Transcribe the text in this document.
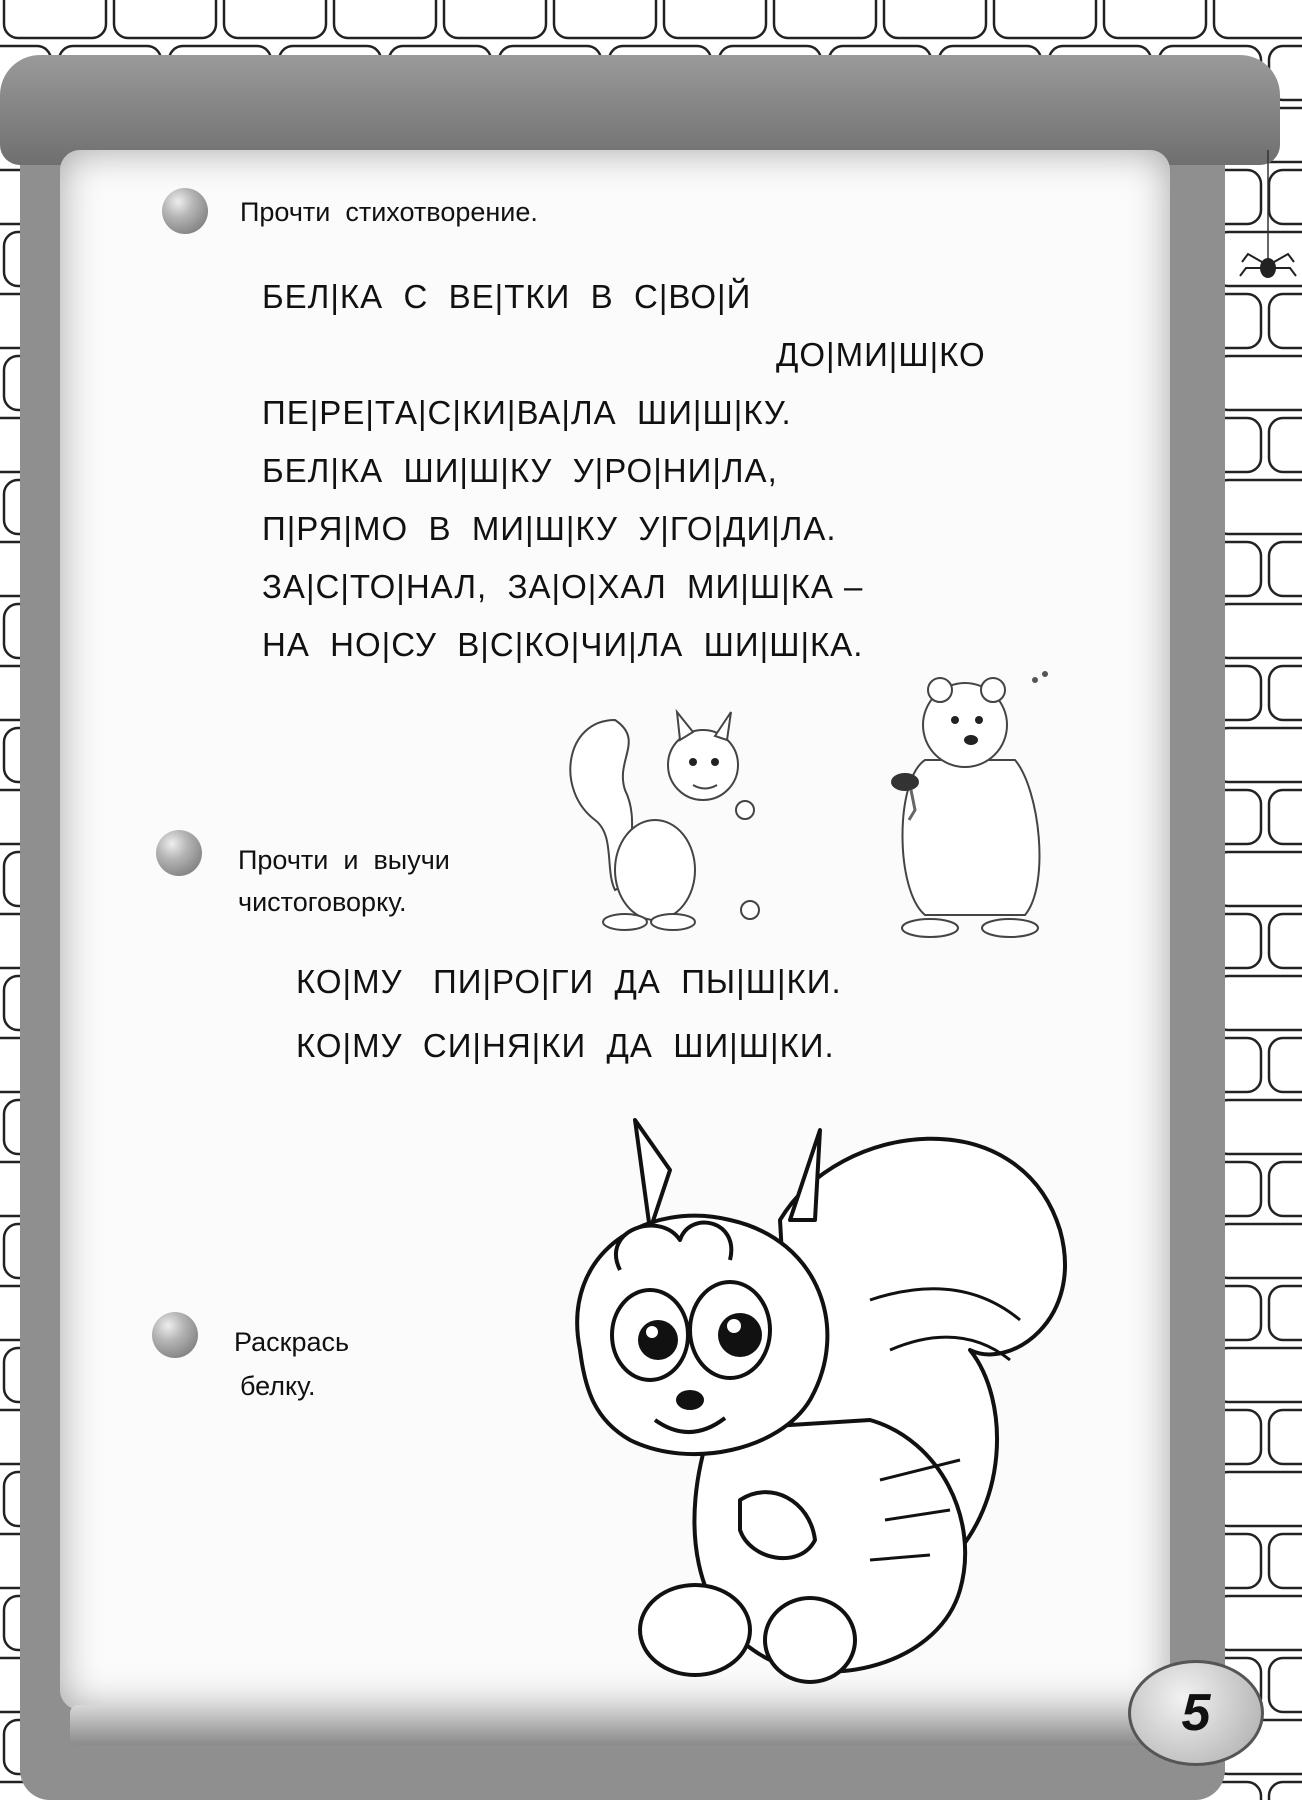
Прочти  стихотворение.
БЕЛ|КА  С  ВЕ|ТКИ  В  С|ВО|Й
ДО|МИ|Ш|КО
ПЕ|РЕ|ТА|С|КИ|ВА|ЛА  ШИ|Ш|КУ.
БЕЛ|КА  ШИ|Ш|КУ  У|РО|НИ|ЛА,
П|РЯ|МО  В  МИ|Ш|КУ  У|ГО|ДИ|ЛА.
ЗА|С|ТО|НАЛ,  ЗА|О|ХАЛ  МИ|Ш|КА –
НА  НО|СУ  В|С|КО|ЧИ|ЛА  ШИ|Ш|КА.
Прочти  и  выучи
чистоговорку.
КО|МУ   ПИ|РО|ГИ  ДА  ПЫ|Ш|КИ.
КО|МУ  СИ|НЯ|КИ  ДА  ШИ|Ш|КИ.
Раскрась
белку.
5
